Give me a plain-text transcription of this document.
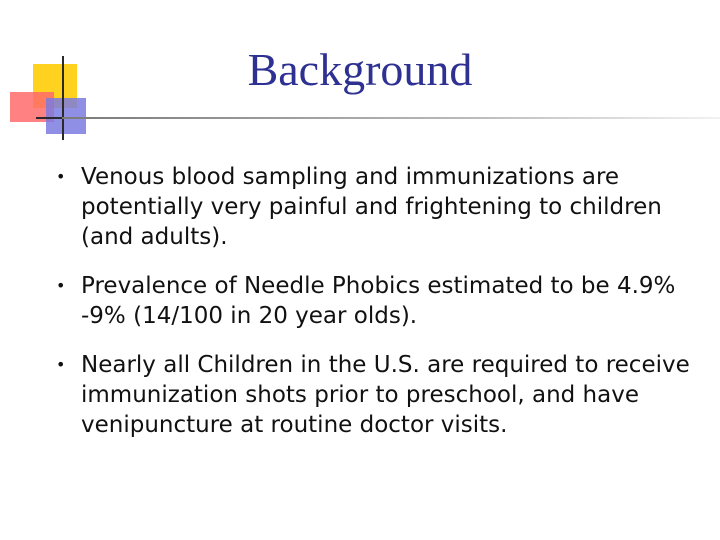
Background
• Venous blood sampling and immunizations are potentially very painful and frightening to children (and adults).
• Prevalence of Needle Phobics estimated to be 4.9% -9% (14/100 in 20 year olds).
• Nearly all Children in the U.S. are required to receive immunization shots prior to preschool, and have venipuncture at routine doctor visits.
